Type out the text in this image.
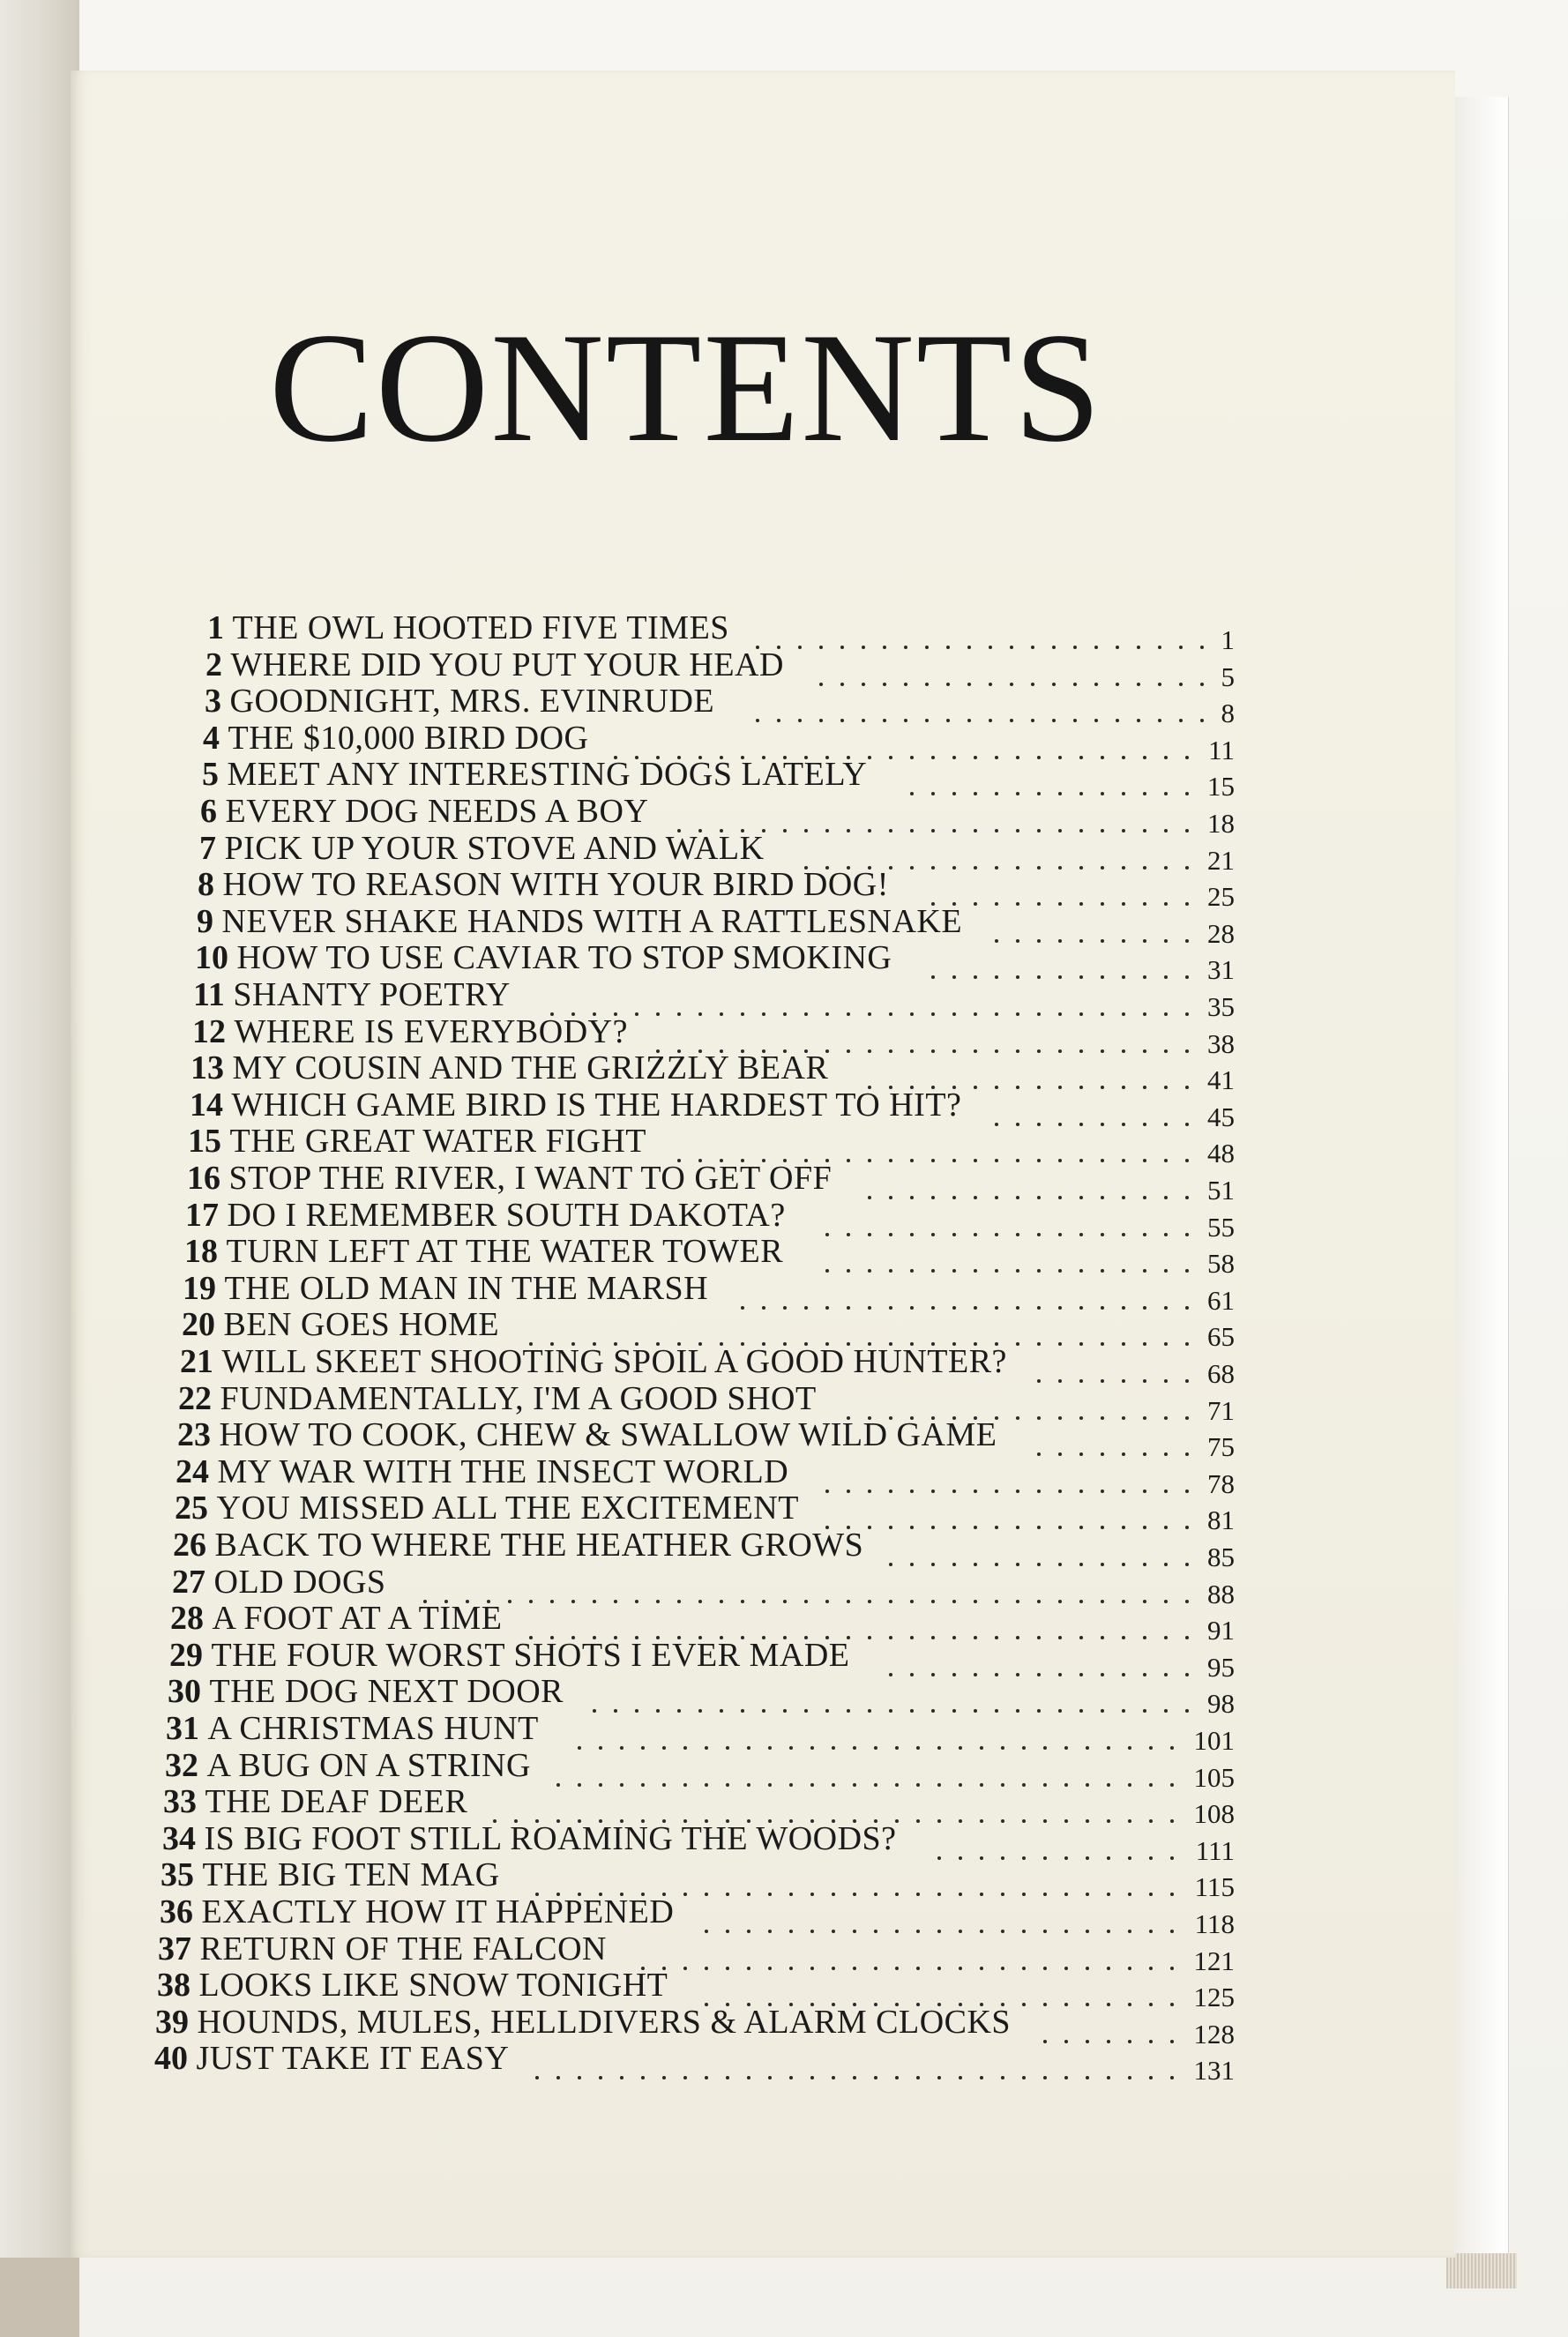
CONTENTS
1 THE OWL HOOTED FIVE TIMES	1
2 WHERE DID YOU PUT YOUR HEAD	5
3 GOODNIGHT, MRS. EVINRUDE	8
4 THE $10,000 BIRD DOG	11
5 MEET ANY INTERESTING DOGS LATELY	15
6 EVERY DOG NEEDS A BOY	18
7 PICK UP YOUR STOVE AND WALK	21
8 HOW TO REASON WITH YOUR BIRD DOG!	25
9 NEVER SHAKE HANDS WITH A RATTLESNAKE	28
10 HOW TO USE CAVIAR TO STOP SMOKING	31
11 SHANTY POETRY	35
12 WHERE IS EVERYBODY?	38
13 MY COUSIN AND THE GRIZZLY BEAR	41
14 WHICH GAME BIRD IS THE HARDEST TO HIT?	45
15 THE GREAT WATER FIGHT	48
16 STOP THE RIVER, I WANT TO GET OFF	51
17 DO I REMEMBER SOUTH DAKOTA?	55
18 TURN LEFT AT THE WATER TOWER	58
19 THE OLD MAN IN THE MARSH	61
20 BEN GOES HOME	65
21 WILL SKEET SHOOTING SPOIL A GOOD HUNTER?	68
22 FUNDAMENTALLY, I'M A GOOD SHOT	71
23 HOW TO COOK, CHEW & SWALLOW WILD GAME	75
24 MY WAR WITH THE INSECT WORLD	78
25 YOU MISSED ALL THE EXCITEMENT	81
26 BACK TO WHERE THE HEATHER GROWS	85
27 OLD DOGS	88
28 A FOOT AT A TIME	91
29 THE FOUR WORST SHOTS I EVER MADE	95
30 THE DOG NEXT DOOR	98
31 A CHRISTMAS HUNT	101
32 A BUG ON A STRING	105
33 THE DEAF DEER	108
34 IS BIG FOOT STILL ROAMING THE WOODS?	111
35 THE BIG TEN MAG	115
36 EXACTLY HOW IT HAPPENED	118
37 RETURN OF THE FALCON	121
38 LOOKS LIKE SNOW TONIGHT	125
39 HOUNDS, MULES, HELLDIVERS & ALARM CLOCKS	128
40 JUST TAKE IT EASY	131
